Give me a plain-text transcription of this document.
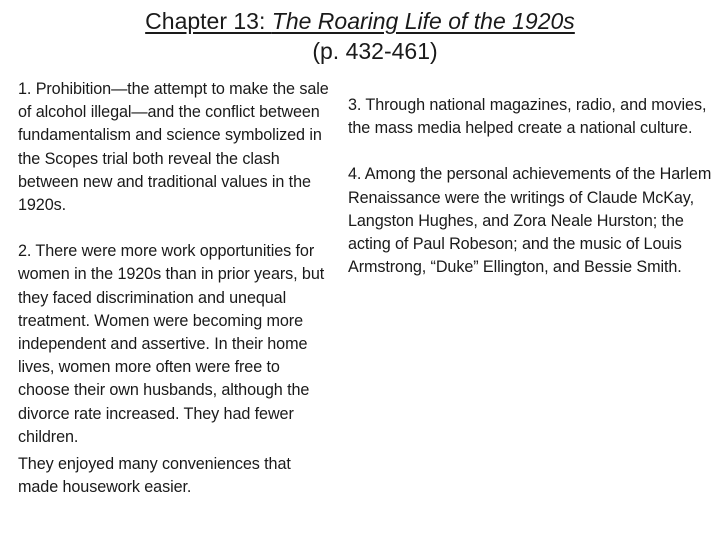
Chapter 13: The Roaring Life of the 1920s
(p. 432-461)

1. Prohibition—the attempt to make the sale of alcohol illegal—and the conflict between fundamentalism and science symbolized in the Scopes trial both reveal the clash between new and traditional values in the 1920s.

2. There were more work opportunities for women in the 1920s than in prior years, but they faced discrimination and unequal treatment. Women were becoming more independent and assertive. In their home lives, women more often were free to choose their own husbands, although the divorce rate increased. They had fewer children.

They enjoyed many conveniences that made housework easier.

3. Through national magazines, radio, and movies, the mass media helped create a national culture.

4. Among the personal achievements of the Harlem Renaissance were the writings of Claude McKay, Langston Hughes, and Zora Neale Hurston; the acting of Paul Robeson; and the music of Louis Armstrong, “Duke” Ellington, and Bessie Smith.
